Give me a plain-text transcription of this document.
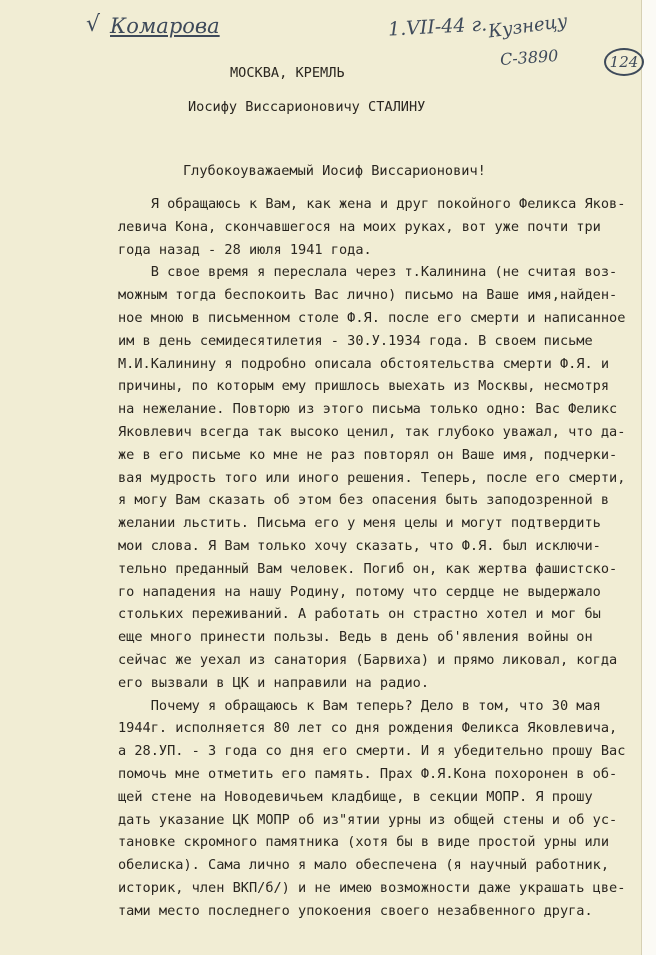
√ Комарова	1.VII-44 г. Кузнецу
С-3890	124
МОСКВА, КРЕМЛЬ
Иосифу Виссарионовичу СТАЛИНУ
Глубокоуважаемый Иосиф Виссарионович!
Я обращаюсь к Вам, как жена и друг покойного Феликса Яков-
левича Кона, скончавшегося на моих руках, вот уже почти три
года назад - 28 июля 1941 года.
В свое время я переслала через т.Калинина (не считая воз-
можным тогда беспокоить Вас лично) письмо на Ваше имя,найден-
ное мною в письменном столе Ф.Я. после его смерти и написанное
им в день семидесятилетия - 30.У.1934 года. В своем письме
М.И.Калинину я подробно описала обстоятельства смерти Ф.Я. и
причины, по которым ему пришлось выехать из Москвы, несмотря
на нежелание. Повторю из этого письма только одно: Вас Феликс
Яковлевич всегда так высоко ценил, так глубоко уважал, что да-
же в его письме ко мне не раз повторял он Ваше имя, подчерки-
вая мудрость того или иного решения. Теперь, после его смерти,
я могу Вам сказать об этом без опасения быть заподозренной в
желании льстить. Письма его у меня целы и могут подтвердить
мои слова. Я Вам только хочу сказать, что Ф.Я. был исключи-
тельно преданный Вам человек. Погиб он, как жертва фашистско-
го нападения на нашу Родину, потому что сердце не выдержало
стольких переживаний. А работать он страстно хотел и мог бы
еще много принести пользы. Ведь в день об'явления войны он
сейчас же уехал из санатория (Барвиха) и прямо ликовал, когда
его вызвали в ЦК и направили на радио.
Почему я обращаюсь к Вам теперь? Дело в том, что 30 мая
1944г. исполняется 80 лет со дня рождения Феликса Яковлевича,
а 28.УП. - 3 года со дня его смерти. И я убедительно прошу Вас
помочь мне отметить его память. Прах Ф.Я.Кона похоронен в об-
щей стене на Новодевичьем кладбище, в секции МОПР. Я прошу
дать указание ЦК МОПР об из"ятии урны из общей стены и об ус-
тановке скромного памятника (хотя бы в виде простой урны или
обелиска). Сама лично я мало обеспечена (я научный работник,
историк, член ВКП/б/) и не имею возможности даже украшать цве-
тами место последнего упокоения своего незабвенного друга.
